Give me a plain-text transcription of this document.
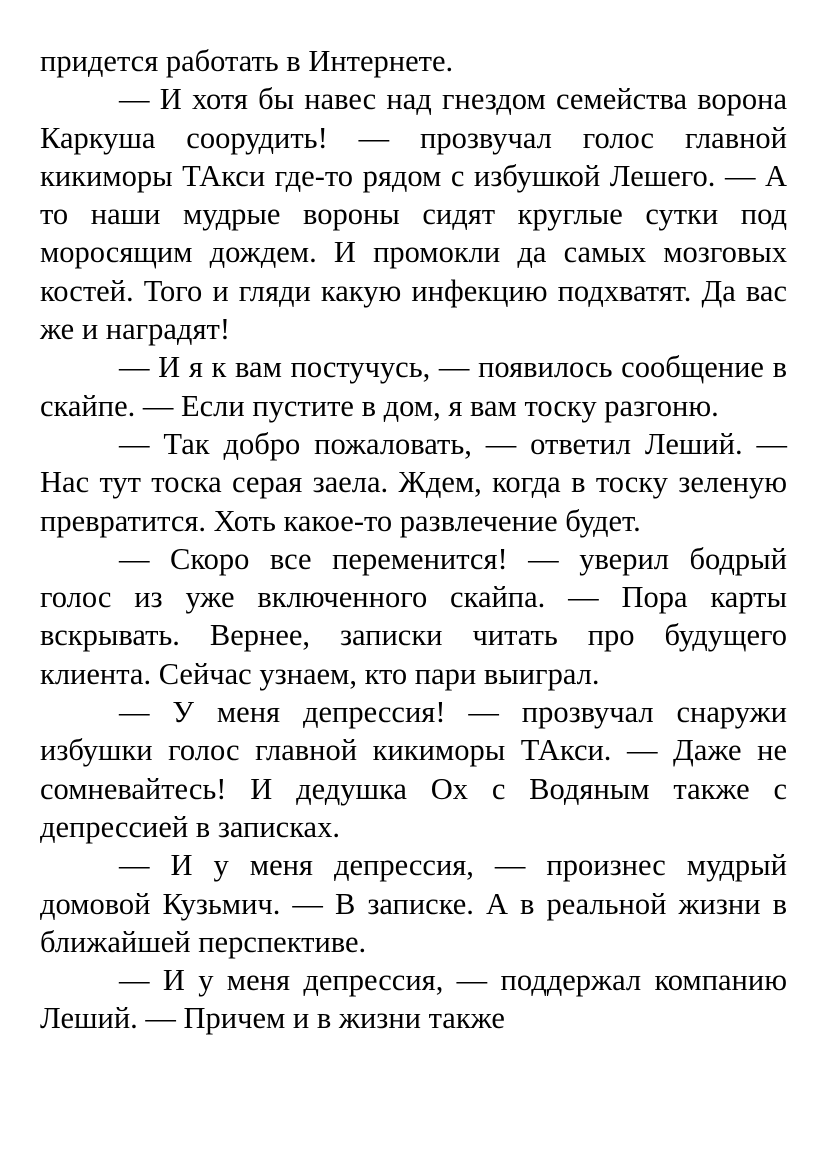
придется работать в Интернете.

— И хотя бы навес над гнездом семейства ворона Каркуша соорудить! — прозвучал голос главной кикиморы ТАкси где-то рядом с избушкой Лешего. — А то наши мудрые вороны сидят круглые сутки под моросящим дождем. И промокли да самых мозговых костей. Того и гляди какую инфекцию подхватят. Да вас же и наградят!

— И я к вам постучусь, — появилось сообщение в скайпе. — Если пустите в дом, я вам тоску разгоню.

— Так добро пожаловать, — ответил Леший. — Нас тут тоска серая заела. Ждем, когда в тоску зеленую превратится. Хоть какое-то развлечение будет.

— Скоро все переменится! — уверил бодрый голос из уже включенного скайпа. — Пора карты вскрывать. Вернее, записки читать про будущего клиента. Сейчас узнаем, кто пари выиграл.

— У меня депрессия! — прозвучал снаружи избушки голос главной кикиморы ТАкси. — Даже не сомневайтесь! И дедушка Ох с Водяным также с депрессией в записках.

— И у меня депрессия, — произнес мудрый домовой Кузьмич. — В записке. А в реальной жизни в ближайшей перспективе.

— И у меня депрессия, — поддержал компанию Леший. — Причем и в жизни также
